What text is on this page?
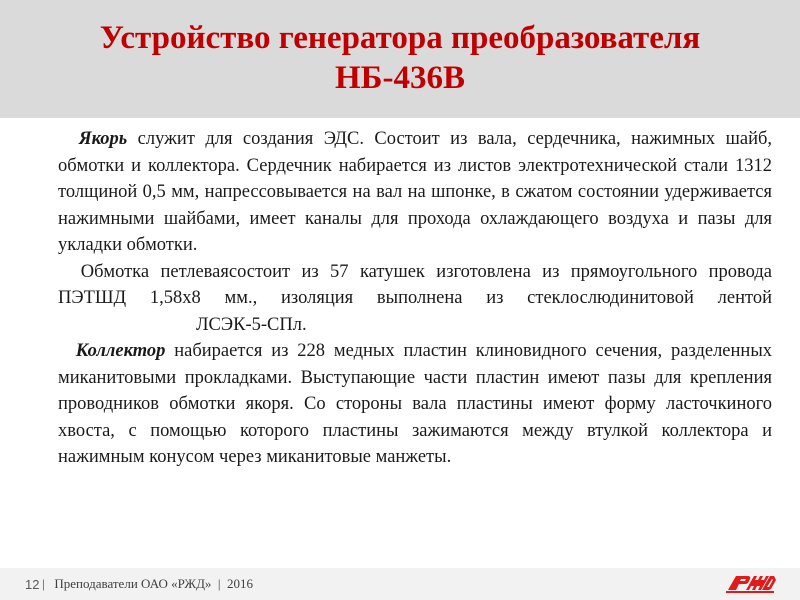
Устройство генератора преобразователя
НБ-436В

Якорь служит для создания ЭДС. Состоит из вала, сердечника, нажимных шайб, обмотки и коллектора. Сердечник набирается из листов электротехнической стали 1312 толщиной 0,5 мм, напрессовывается на вал на шпонке, в сжатом состоянии удерживается нажимными шайбами, имеет каналы для прохода охлаждающего воздуха и пазы для укладки обмотки.

Обмотка петлеваясостоит из 57 катушек изготовлена из прямоугольного провода ПЭТШД 1,58х8 мм., изоляция выполнена из стеклослюдинитовой лентойЛСЭК-5-СПл.

Коллектор набирается из 228 медных пластин клиновидного сечения, разделенных миканитовыми прокладками. Выступающие части пластин имеют пазы для крепления проводников обмотки якоря. Со стороны вала пластины имеют форму ласточкиного хвоста, с помощью которого пластины зажимаются между втулкой коллектора и нажимным конусом через миканитовые манжеты.

12 |   Преподаватели ОАО «РЖД»  |  2016
